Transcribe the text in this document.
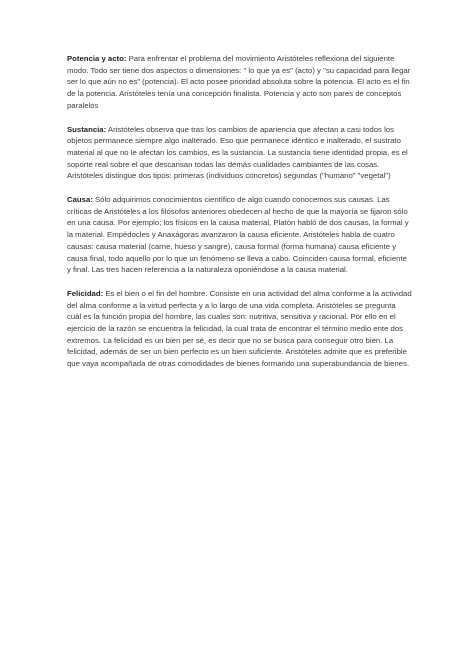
Potencia y acto: Para enfrentar el problema del movimiento Aristóteles reflexiona del siguiente modo. Todo ser tiene dos aspectos o dimensiones: " lo que ya es" (acto) y "su capacidad para llegar ser lo que aún no es" (potencia). El acto posee prioridad absoluta sobre la potencia. El acto es el fin de la potencia. Aristóteles tenía una concepción finalista. Potencia y acto son pares de conceptos paralelos

Sustancia: Aristóteles observa que tras los cambios de apariencia que afectan a casi todos los objetos permanece siempre algo inalterado. Eso que permanece idéntico e inalterado, el sustrato material al que no le afectan los cambios, es la sustancia. La sustancia tiene identidad propia, es el soporte real sobre el que descansan todas las demás cualidades cambiantes de las cosas. Aristóteles distingue dos tipos: primeras (individuos concretos) segundas ("humano" "vegetal")

Causa: Sólo adquirimos conocimientos científico de algo cuando conocemos sus causas. Las críticas de Aristóteles a los filósofos anteriores obedecen al hecho de que la mayoría se fijaron sólo en una causa. Por ejemplo; los físicos en la causa material, Platón habló de dos causas, la formal y la material. Empédocles y Anaxágoras avanzaron la causa eficiente. Aristóteles habla de cuatro causas: causa material (carne, hueso y sangre), causa formal (forma humana) causa eficiente y causa final, todo aquello por lo que un fenómeno se lleva a cabo. Coinciden causa formal, eficiente y final. Las tres hacen referencia a la naturaleza oponiéndose a la causa material.

Felicidad: Es el bien o el fin del hombre. Consiste en una actividad del alma conforme a la actividad del alma conforme a la virtud perfecta y a lo largo de una vida completa. Aristóteles se pregunta cuál es la función propia del hombre, las cuales son: nutritiva, sensitiva y racional. Por ello en el ejercicio de la razón se encuentra la felicidad, la cual trata de encontrar el término medio ente dos extremos. La felicidad es un bien per sé, es decir que no se busca para conseguir otro bien. La felicidad, además de ser un bien perfecto es un bien suficiente. Aristóteles admite que es preferible que vaya acompañada de otras comodidades de bienes formando una superabundancia de bienes.
